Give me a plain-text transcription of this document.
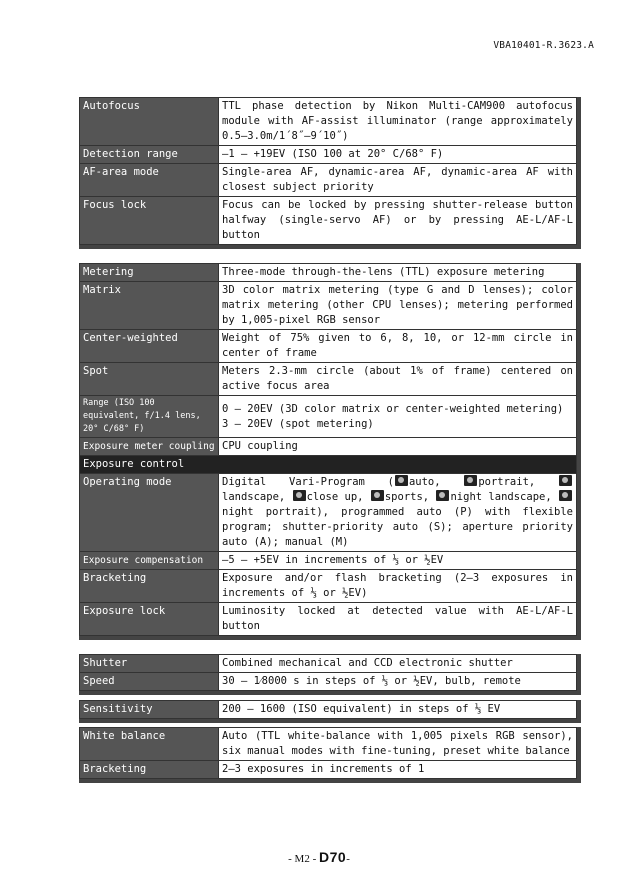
VBA10401-R.3623.A
Autofocus	TTL phase detection by Nikon Multi-CAM900 autofocus module with AF-assist illuminator (range approximately 0.5–3.0m/1´8˝–9´10˝)
Detection range	–1 – +19EV (ISO 100 at 20° C/68° F)
AF-area mode	Single-area AF, dynamic-area AF, dynamic-area AF with closest subject priority
Focus lock	Focus can be locked by pressing shutter-release button halfway (single-servo AF) or by pressing AE-L/AF-L button
Metering	Three-mode through-the-lens (TTL) exposure metering
Matrix	3D color matrix metering (type G and D lenses); color matrix metering (other CPU lenses); metering performed by 1,005-pixel RGB sensor
Center-weighted	Weight of 75% given to 6, 8, 10, or 12-mm circle in center of frame
Spot	Meters 2.3-mm circle (about 1% of frame) centered on active focus area
Range (ISO 100 equivalent, f/1.4 lens, 20° C/68° F)	0 – 20EV (3D color matrix or center-weighted metering)
3 – 20EV (spot metering)

Exposure meter coupling	CPU coupling
Exposure control	
Operating mode	Digital Vari-Program ( auto, portrait,  landscape, close up, sports, night landscape, night portrait), programmed auto (P) with flexible program; shutter-priority auto (S); aperture priority auto (A); manual (M)
Exposure compensation	–5 – +5EV in increments of ⅓ or ½EV
Bracketing	Exposure and/or flash bracketing (2–3 exposures in increments of ⅓ or ½EV)
Exposure lock	Luminosity locked at detected value with AE-L/AF-L button
Shutter	Combined mechanical and CCD electronic shutter
Speed	30 – 1⁄8000 s in steps of ⅓ or ½EV, bulb, remote
Sensitivity	200 – 1600 (ISO equivalent) in steps of ⅓ EV
White balance	Auto (TTL white-balance with 1,005 pixels RGB sensor), six manual modes with fine-tuning, preset white balance
Bracketing	2–3 exposures in increments of 1
- M2 - D70-
